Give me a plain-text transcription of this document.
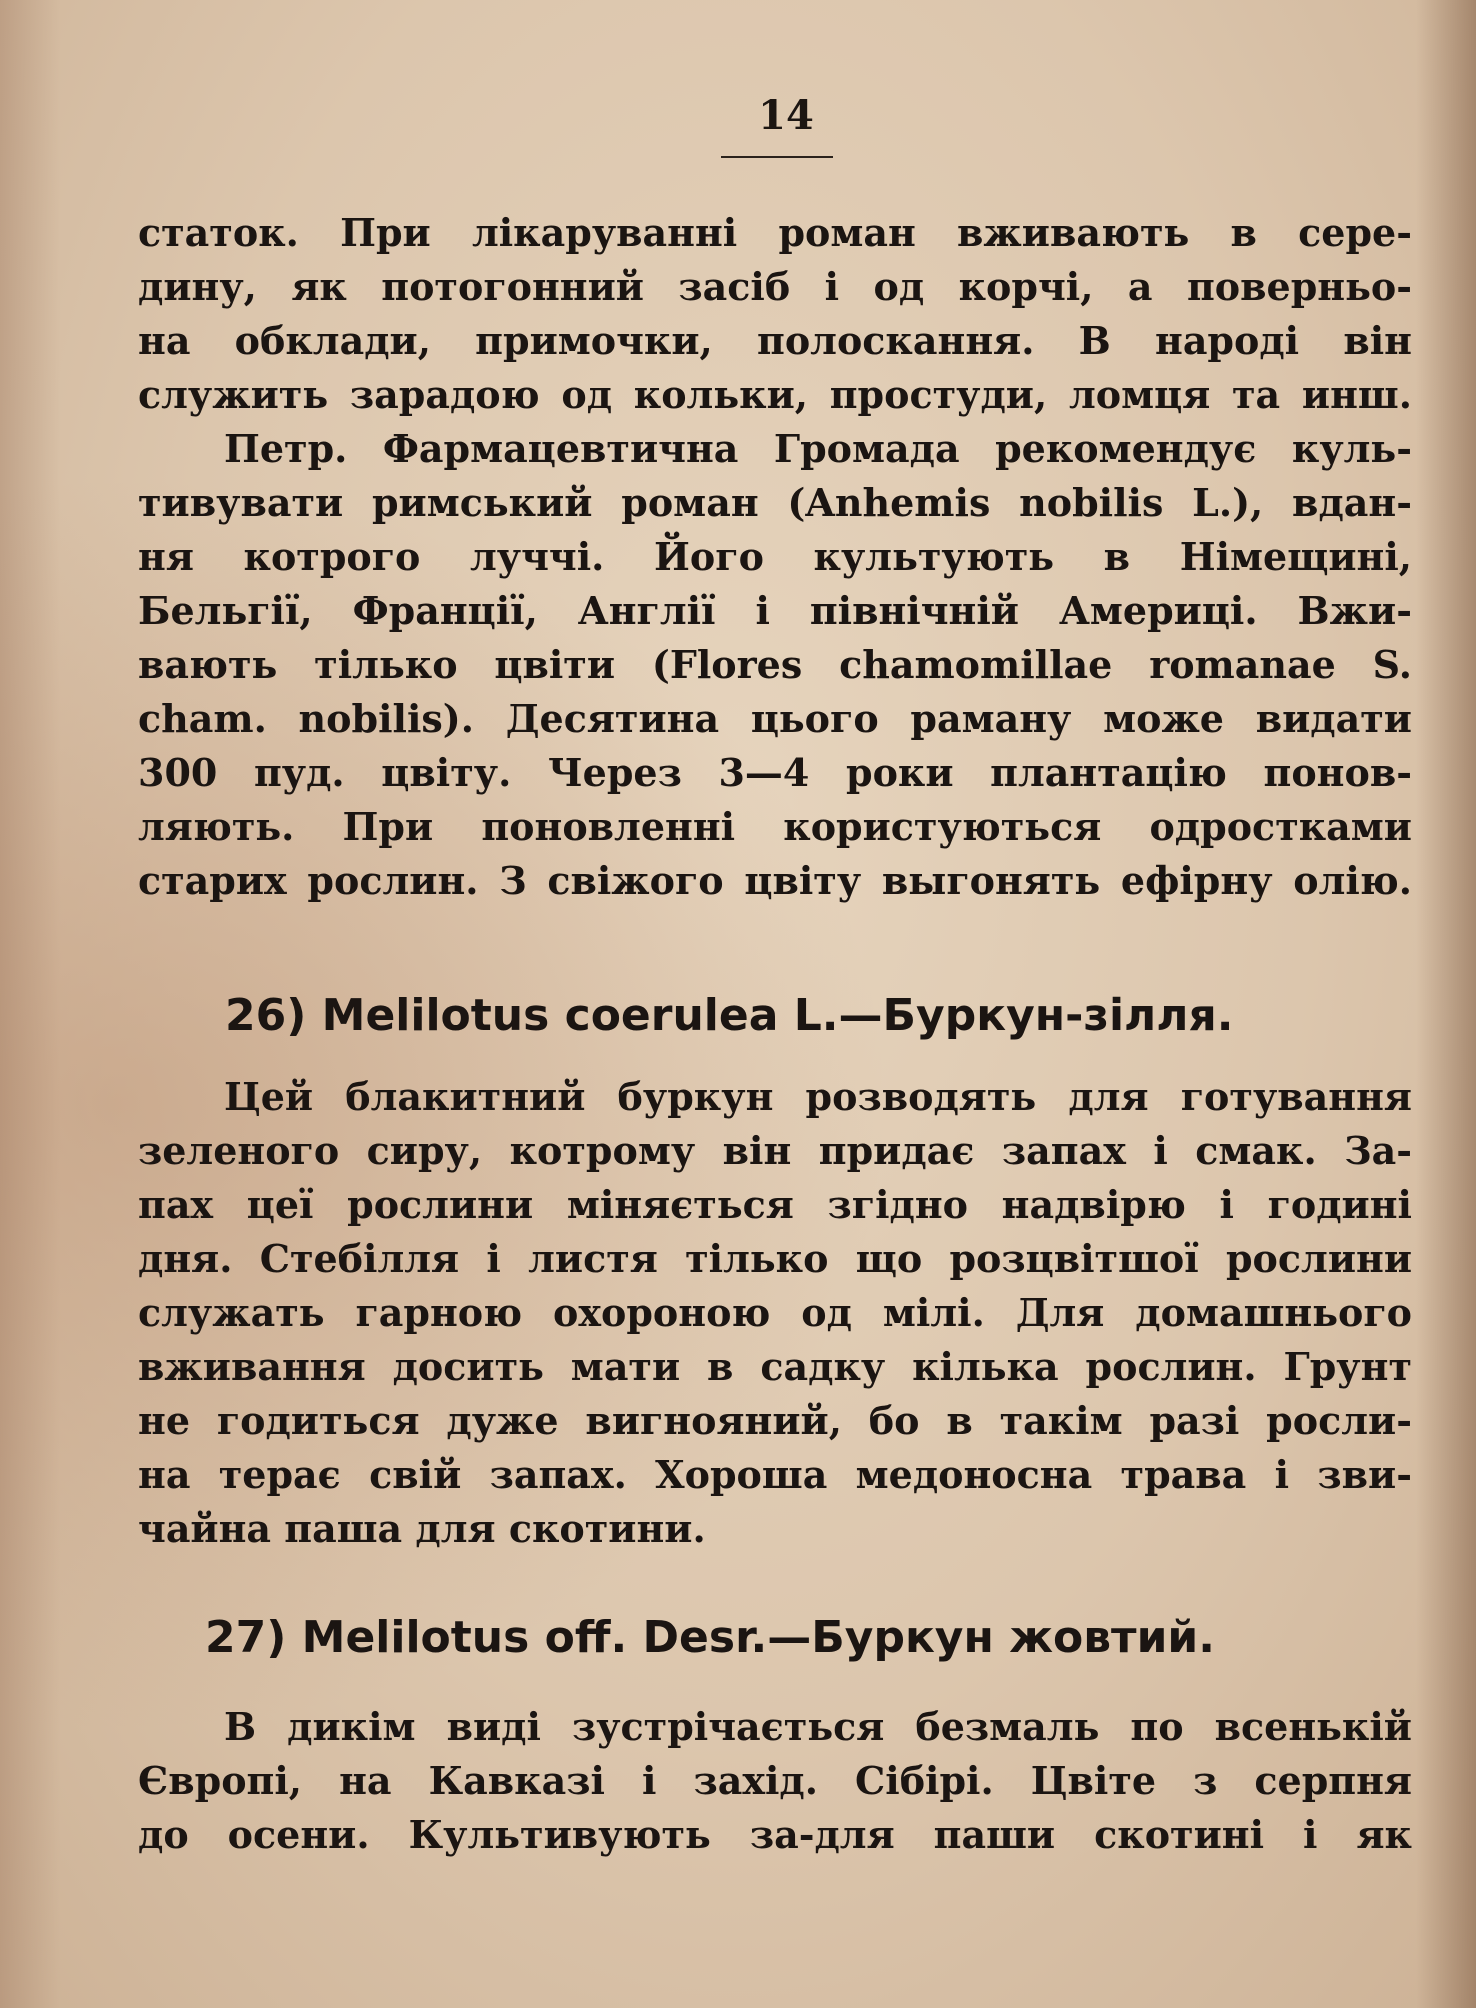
14

статок. При лікаруванні роман вживають в сере-
дину, як потогонний засіб і од корчі, а поверньо-
на обклади, примочки, полоскання. В народі він
служить зарадою од кольки, простуди, ломця та инш.

Петр. Фармацевтична Громада рекомендує куль-
тивувати римський роман (Anhemis nobilis L.), вдан-
ня котрого луччі. Його культують в Німещині,
Бельгії, Франції, Англії і північній Америці. Вжи-
вають тілько цвіти (Flores chamomillae romanae S.
cham. nobilis). Десятина цього раману може видати
300 пуд. цвіту. Через 3—4 роки плантацію понов-
ляють. При поновленні користуються одростками
старих рослин. З свіжого цвіту выгонять ефірну олію.

26) Melilotus coerulea L.—Буркун-зілля.

Цей блакитний буркун розводять для готування
зеленого сиру, котрому він придає запах і смак. За-
пах цеї рослини міняється згідно надвірю і годині
дня. Стебілля і листя тілько що розцвітшої рослини
служать гарною охороною од мілі. Для домашнього
вживання досить мати в садку кілька рослин. Грунт
не годиться дуже вигнояний, бо в такім разі росли-
на терає свій запах. Хороша медоносна трава і зви-
чайна паша для скотини.

27) Melilotus off. Desr.—Буркун жовтий.

В дикім виді зустрічається безмаль по всенькій
Європі, на Кавказі і захід. Сібірі. Цвіте з серпня
до осени. Культивують за-для паши скотині і як
